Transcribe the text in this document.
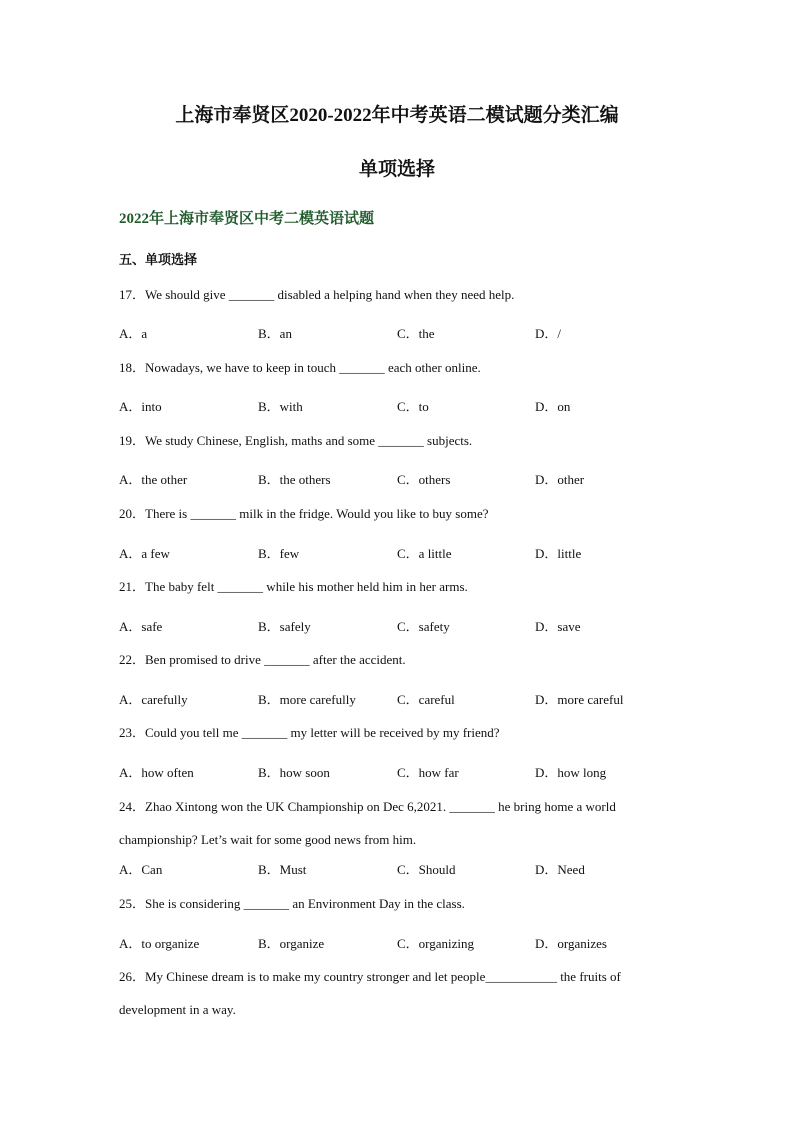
上海市奉贤区2020-2022年中考英语二模试题分类汇编
单项选择
2022年上海市奉贤区中考二模英语试题
五、单项选择
17．We should give _______ disabled a helping hand when they need help.
A．a	B．an	C．the	D．/
18．Nowadays, we have to keep in touch _______ each other online.
A．into	B．with	C．to	D．on
19．We study Chinese, English, maths and some _______ subjects.
A．the other	B．the others	C．others	D．other
20．There is _______ milk in the fridge. Would you like to buy some?
A．a few	B．few	C．a little	D．little
21．The baby felt _______ while his mother held him in her arms.
A．safe	B．safely	C．safety	D．save
22．Ben promised to drive _______ after the accident.
A．carefully	B．more carefully	C．careful	D．more careful
23．Could you tell me _______ my letter will be received by my friend?
A．how often	B．how soon	C．how far	D．how long
24．Zhao Xintong won the UK Championship on Dec 6,2021. _______ he bring home a world championship? Let’s wait for some good news from him.
A．Can	B．Must	C．Should	D．Need
25．She is considering _______ an Environment Day in the class.
A．to organize	B．organize	C．organizing	D．organizes
26．My Chinese dream is to make my country stronger and let people___________ the fruits of development in a way.
